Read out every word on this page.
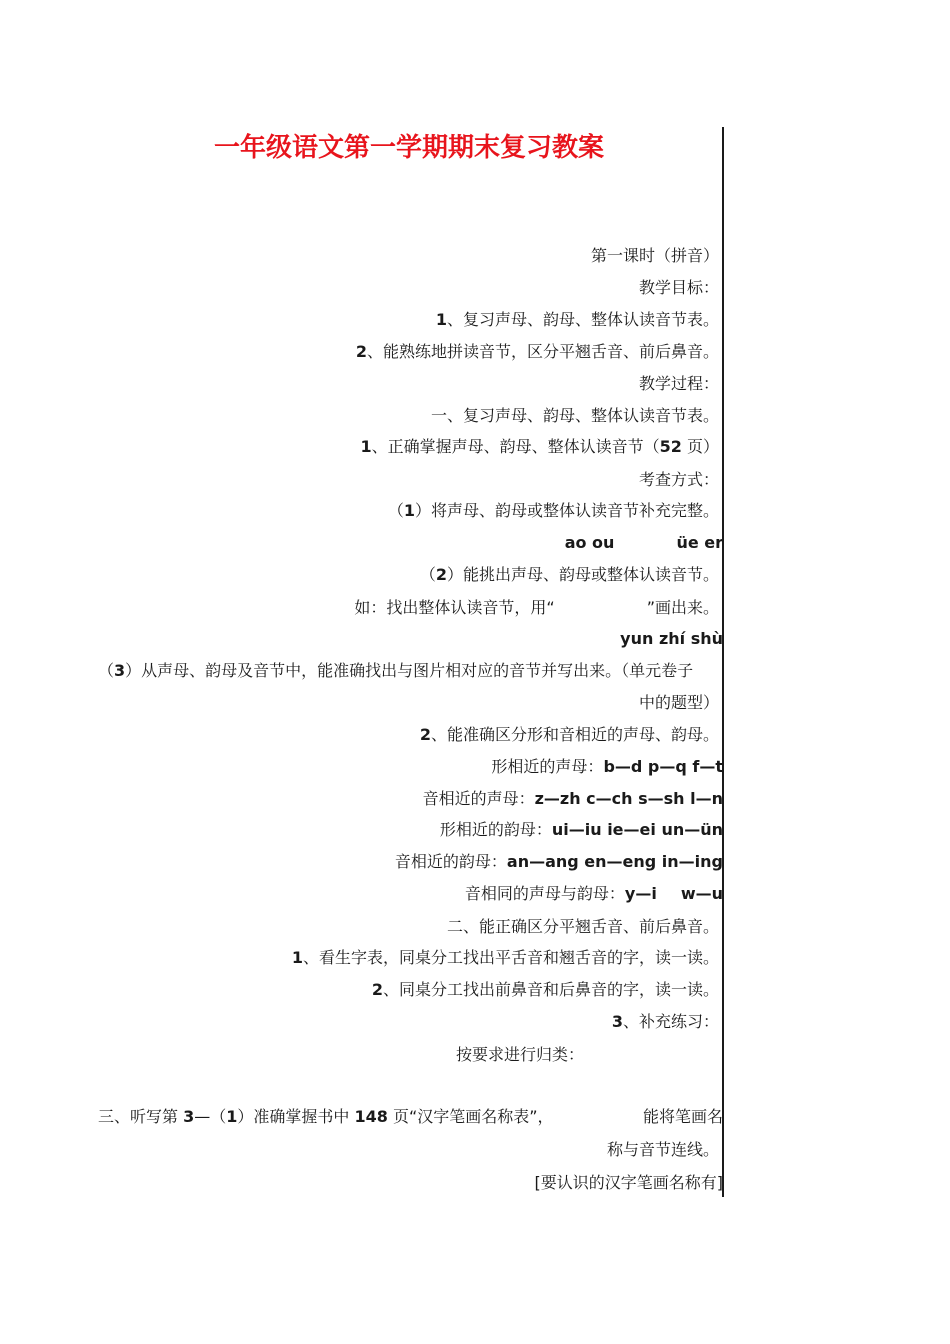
一年级语文第一学期期末复习教案
第一课时（拼音）
教学目标：
1、复习声母、韵母、整体认读音节表。
2、能熟练地拼读音节，区分平翘舌音、前后鼻音。
教学过程：
一、复习声母、韵母、整体认读音节表。
1、正确掌握声母、韵母、整体认读音节（52 页）
考查方式：
（1）将声母、韵母或整体认读音节补充完整。
ao ou	üe er
（2）能挑出声母、韵母或整体认读音节。
如：找出整体认读音节，用“	”画出来。
yun zhí shù
（3）从声母、韵母及音节中，能准确找出与图片相对应的音节并写出来。（单元卷子
中的题型）
2、能准确区分形和音相近的声母、韵母。
形相近的声母：b—d p—q f—t
音相近的声母：z—zh c—ch s—sh l—n
形相近的韵母：ui—iu ie—ei un—ün
音相近的韵母：an—ang en—eng in—ing
音相同的声母与韵母：y—i w—u
二、能正确区分平翘舌音、前后鼻音。
1、看生字表，同桌分工找出平舌音和翘舌音的字，读一读。
2、同桌分工找出前鼻音和后鼻音的字，读一读。
3、补充练习：
按要求进行归类：
三、听写第 3—（1）准确掌握书中 148 页“汉字笔画名称表”，	能将笔画名
称与音节连线。
[要认识的汉字笔画名称有]
